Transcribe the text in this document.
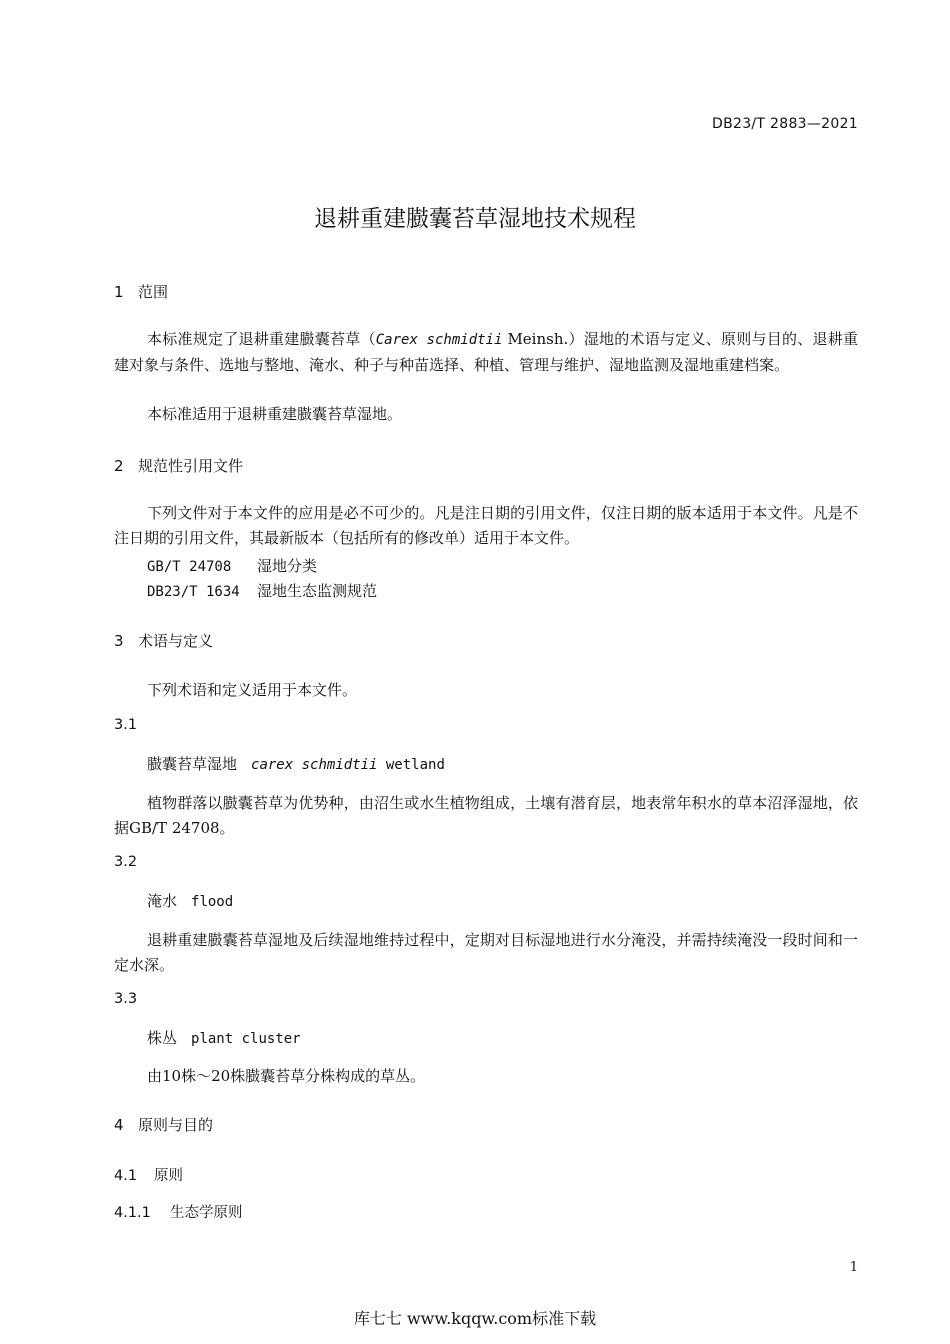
DB23/T 2883—2021
退耕重建臌囊苔草湿地技术规程
1 范围
本标准规定了退耕重建臌囊苔草（Carex schmidtii Meinsh.）湿地的术语与定义、原则与目的、退耕重建对象与条件、选地与整地、淹水、种子与种苗选择、种植、管理与维护、湿地监测及湿地重建档案。
本标准适用于退耕重建臌囊苔草湿地。
2 规范性引用文件
下列文件对于本文件的应用是必不可少的。凡是注日期的引用文件，仅注日期的版本适用于本文件。凡是不注日期的引用文件，其最新版本（包括所有的修改单）适用于本文件。
GB/T 24708 湿地分类
DB23/T 1634 湿地生态监测规范
3 术语与定义
下列术语和定义适用于本文件。
3.1
臌囊苔草湿地 carex schmidtii wetland
植物群落以臌囊苔草为优势种，由沼生或水生植物组成，土壤有潜育层，地表常年积水的草本沼泽湿地，依据GB/T 24708。
3.2
淹水 flood
退耕重建臌囊苔草湿地及后续湿地维持过程中，定期对目标湿地进行水分淹没，并需持续淹没一段时间和一定水深。
3.3
株丛 plant cluster
由10株～20株臌囊苔草分株构成的草丛。
4 原则与目的
4.1 原则
4.1.1 生态学原则
1
库七七 www.kqqw.com标准下载
